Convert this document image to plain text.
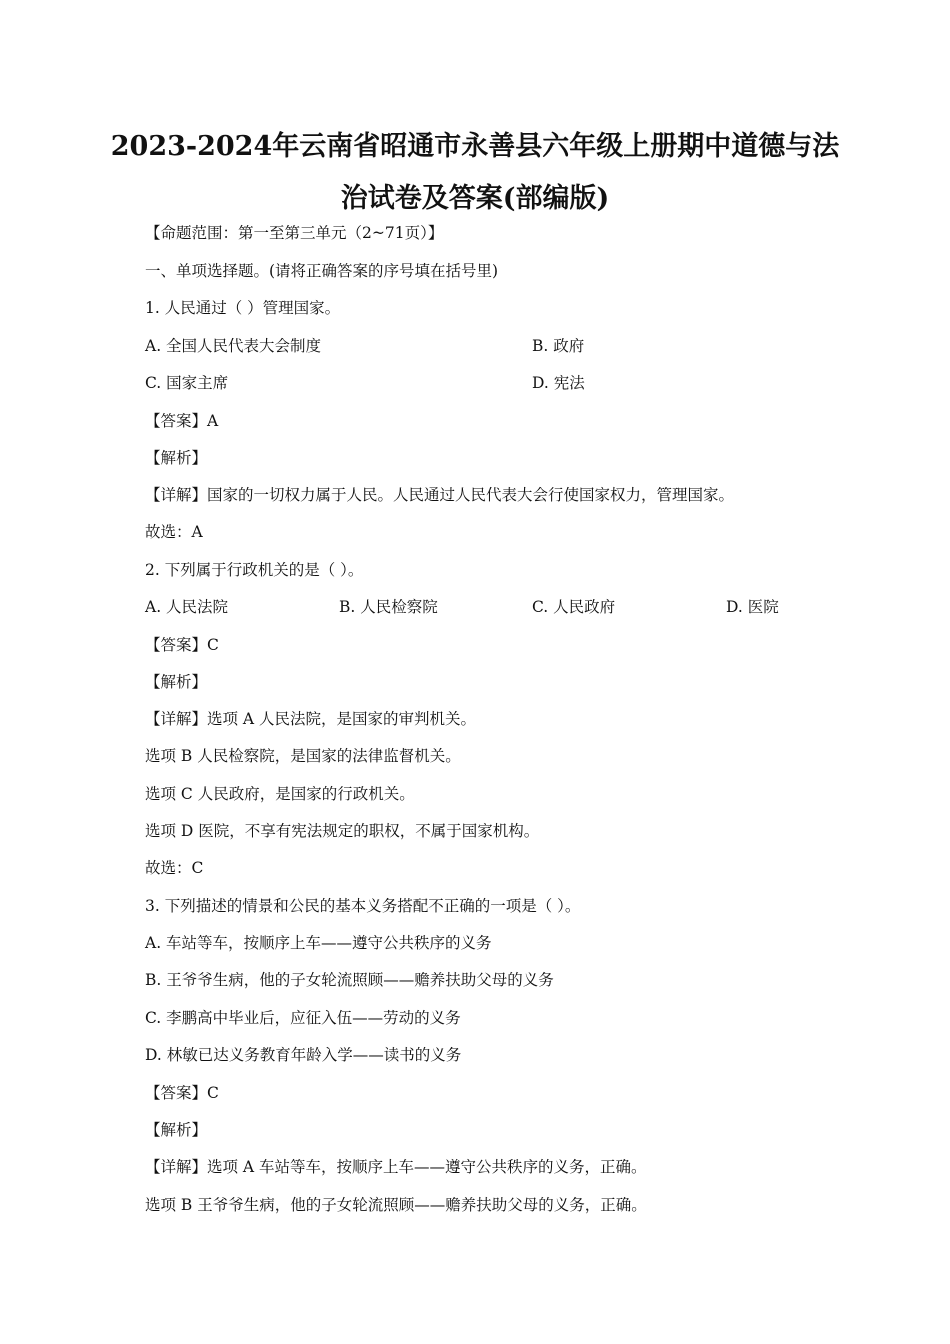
2023-2024年云南省昭通市永善县六年级上册期中道德与法
治试卷及答案(部编版)
【命题范围：第一至第三单元（2~71页）】
一、单项选择题。(请将正确答案的序号填在括号里)
1. 人民通过（ ）管理国家。
A. 全国人民代表大会制度	B. 政府
C. 国家主席	D. 宪法
【答案】A
【解析】
【详解】国家的一切权力属于人民。人民通过人民代表大会行使国家权力，管理国家。
故选：A
2. 下列属于行政机关的是（ ）。
A. 人民法院	B. 人民检察院	C. 人民政府	D. 医院
【答案】C
【解析】
【详解】选项 A 人民法院，是国家的审判机关。
选项 B 人民检察院，是国家的法律监督机关。
选项 C 人民政府，是国家的行政机关。
选项 D 医院，不享有宪法规定的职权，不属于国家机构。
故选：C
3. 下列描述的情景和公民的基本义务搭配不正确的一项是（ ）。
A. 车站等车，按顺序上车——遵守公共秩序的义务
B. 王爷爷生病，他的子女轮流照顾——赡养扶助父母的义务
C. 李鹏高中毕业后，应征入伍——劳动的义务
D. 林敏已达义务教育年龄入学——读书的义务
【答案】C
【解析】
【详解】选项 A 车站等车，按顺序上车——遵守公共秩序的义务，正确。
选项 B 王爷爷生病，他的子女轮流照顾——赡养扶助父母的义务，正确。
